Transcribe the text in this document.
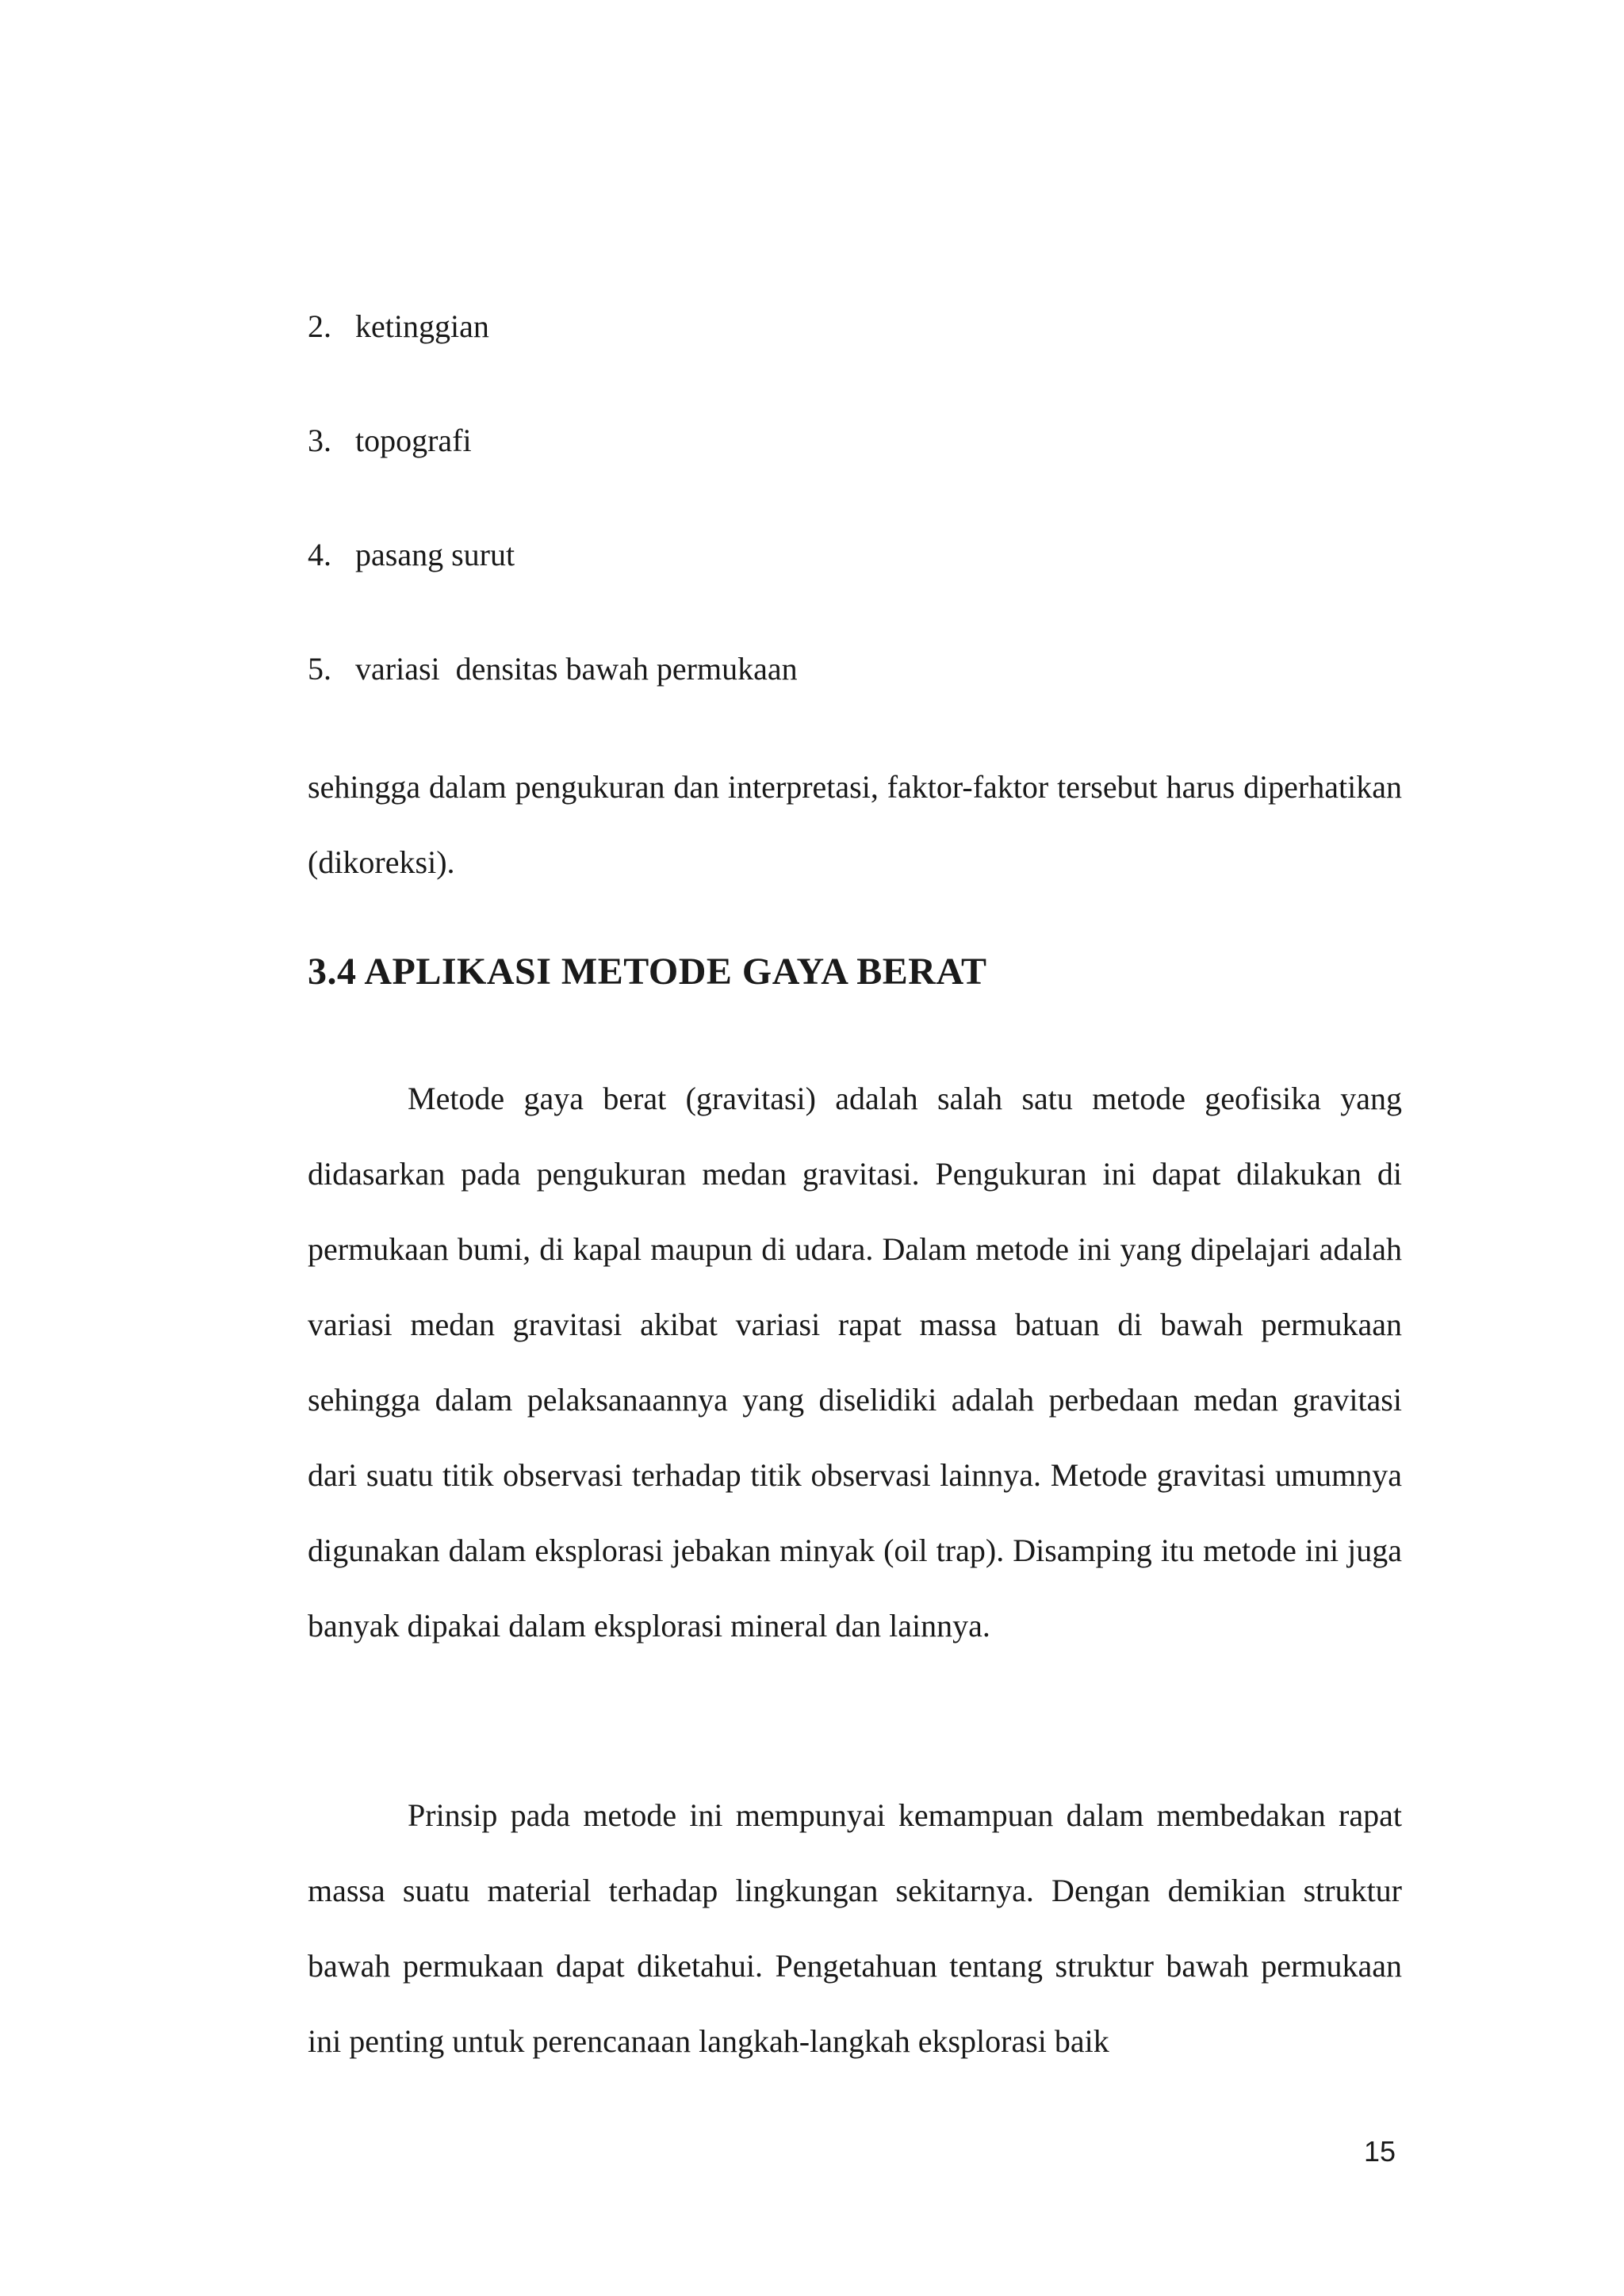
2. ketinggian
3. topografi
4. pasang surut
5. variasi  densitas bawah permukaan

sehingga dalam pengukuran dan interpretasi, faktor-faktor tersebut harus diperhatikan (dikoreksi).

3.4 APLIKASI METODE GAYA BERAT

Metode gaya berat (gravitasi) adalah salah satu metode geofisika yang didasarkan pada pengukuran medan gravitasi. Pengukuran ini dapat dilakukan di permukaan bumi, di kapal maupun di udara. Dalam metode ini yang dipelajari adalah variasi medan gravitasi akibat variasi rapat massa batuan di bawah permukaan sehingga dalam pelaksanaannya yang diselidiki adalah perbedaan medan gravitasi dari suatu titik observasi terhadap titik observasi lainnya. Metode gravitasi umumnya digunakan dalam eksplorasi jebakan minyak (oil trap). Disamping itu metode ini juga banyak dipakai dalam eksplorasi mineral dan lainnya.

Prinsip pada metode ini mempunyai kemampuan dalam membedakan rapat massa suatu material terhadap lingkungan sekitarnya. Dengan demikian struktur bawah permukaan dapat diketahui. Pengetahuan tentang struktur bawah permukaan ini penting untuk perencanaan langkah-langkah eksplorasi baik

15
